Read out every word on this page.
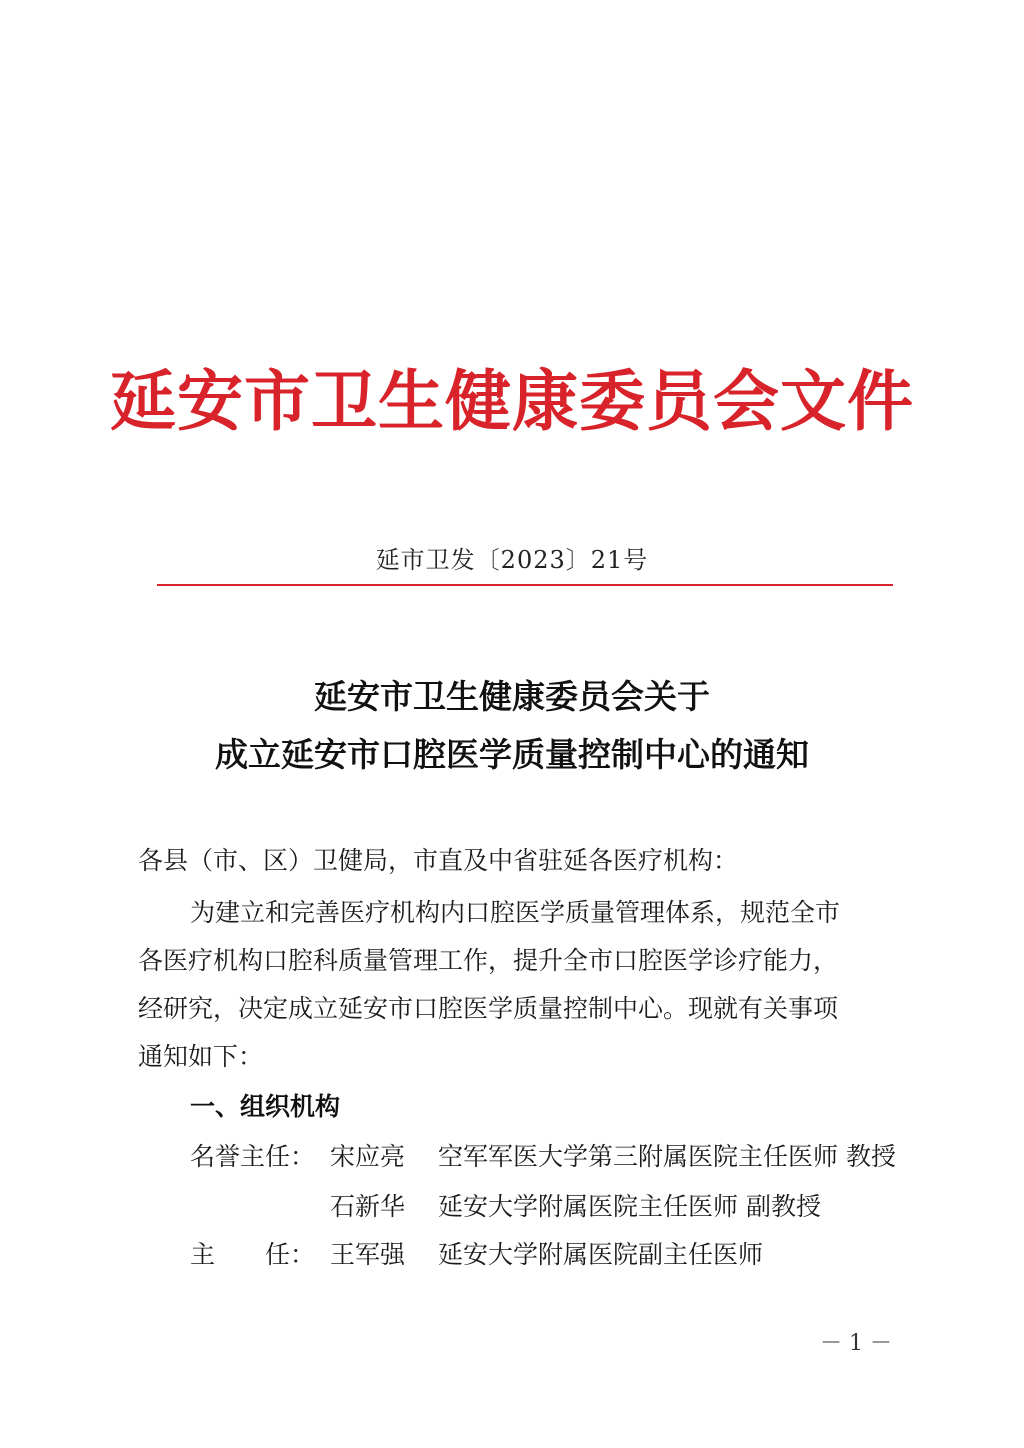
延安市卫生健康委员会文件
延市卫发〔2023〕21号
延安市卫生健康委员会关于
成立延安市口腔医学质量控制中心的通知
各县（市、区）卫健局，市直及中省驻延各医疗机构：
为建立和完善医疗机构内口腔医学质量管理体系，规范全市
各医疗机构口腔科质量管理工作，提升全市口腔医学诊疗能力，
经研究，决定成立延安市口腔医学质量控制中心。现就有关事项
通知如下：
一、组织机构
名誉主任： 宋应亮 空军军医大学第三附属医院主任医师 教授
石新华 延安大学附属医院主任医师 副教授
主　　任： 王军强 延安大学附属医院副主任医师
－ 1 －
